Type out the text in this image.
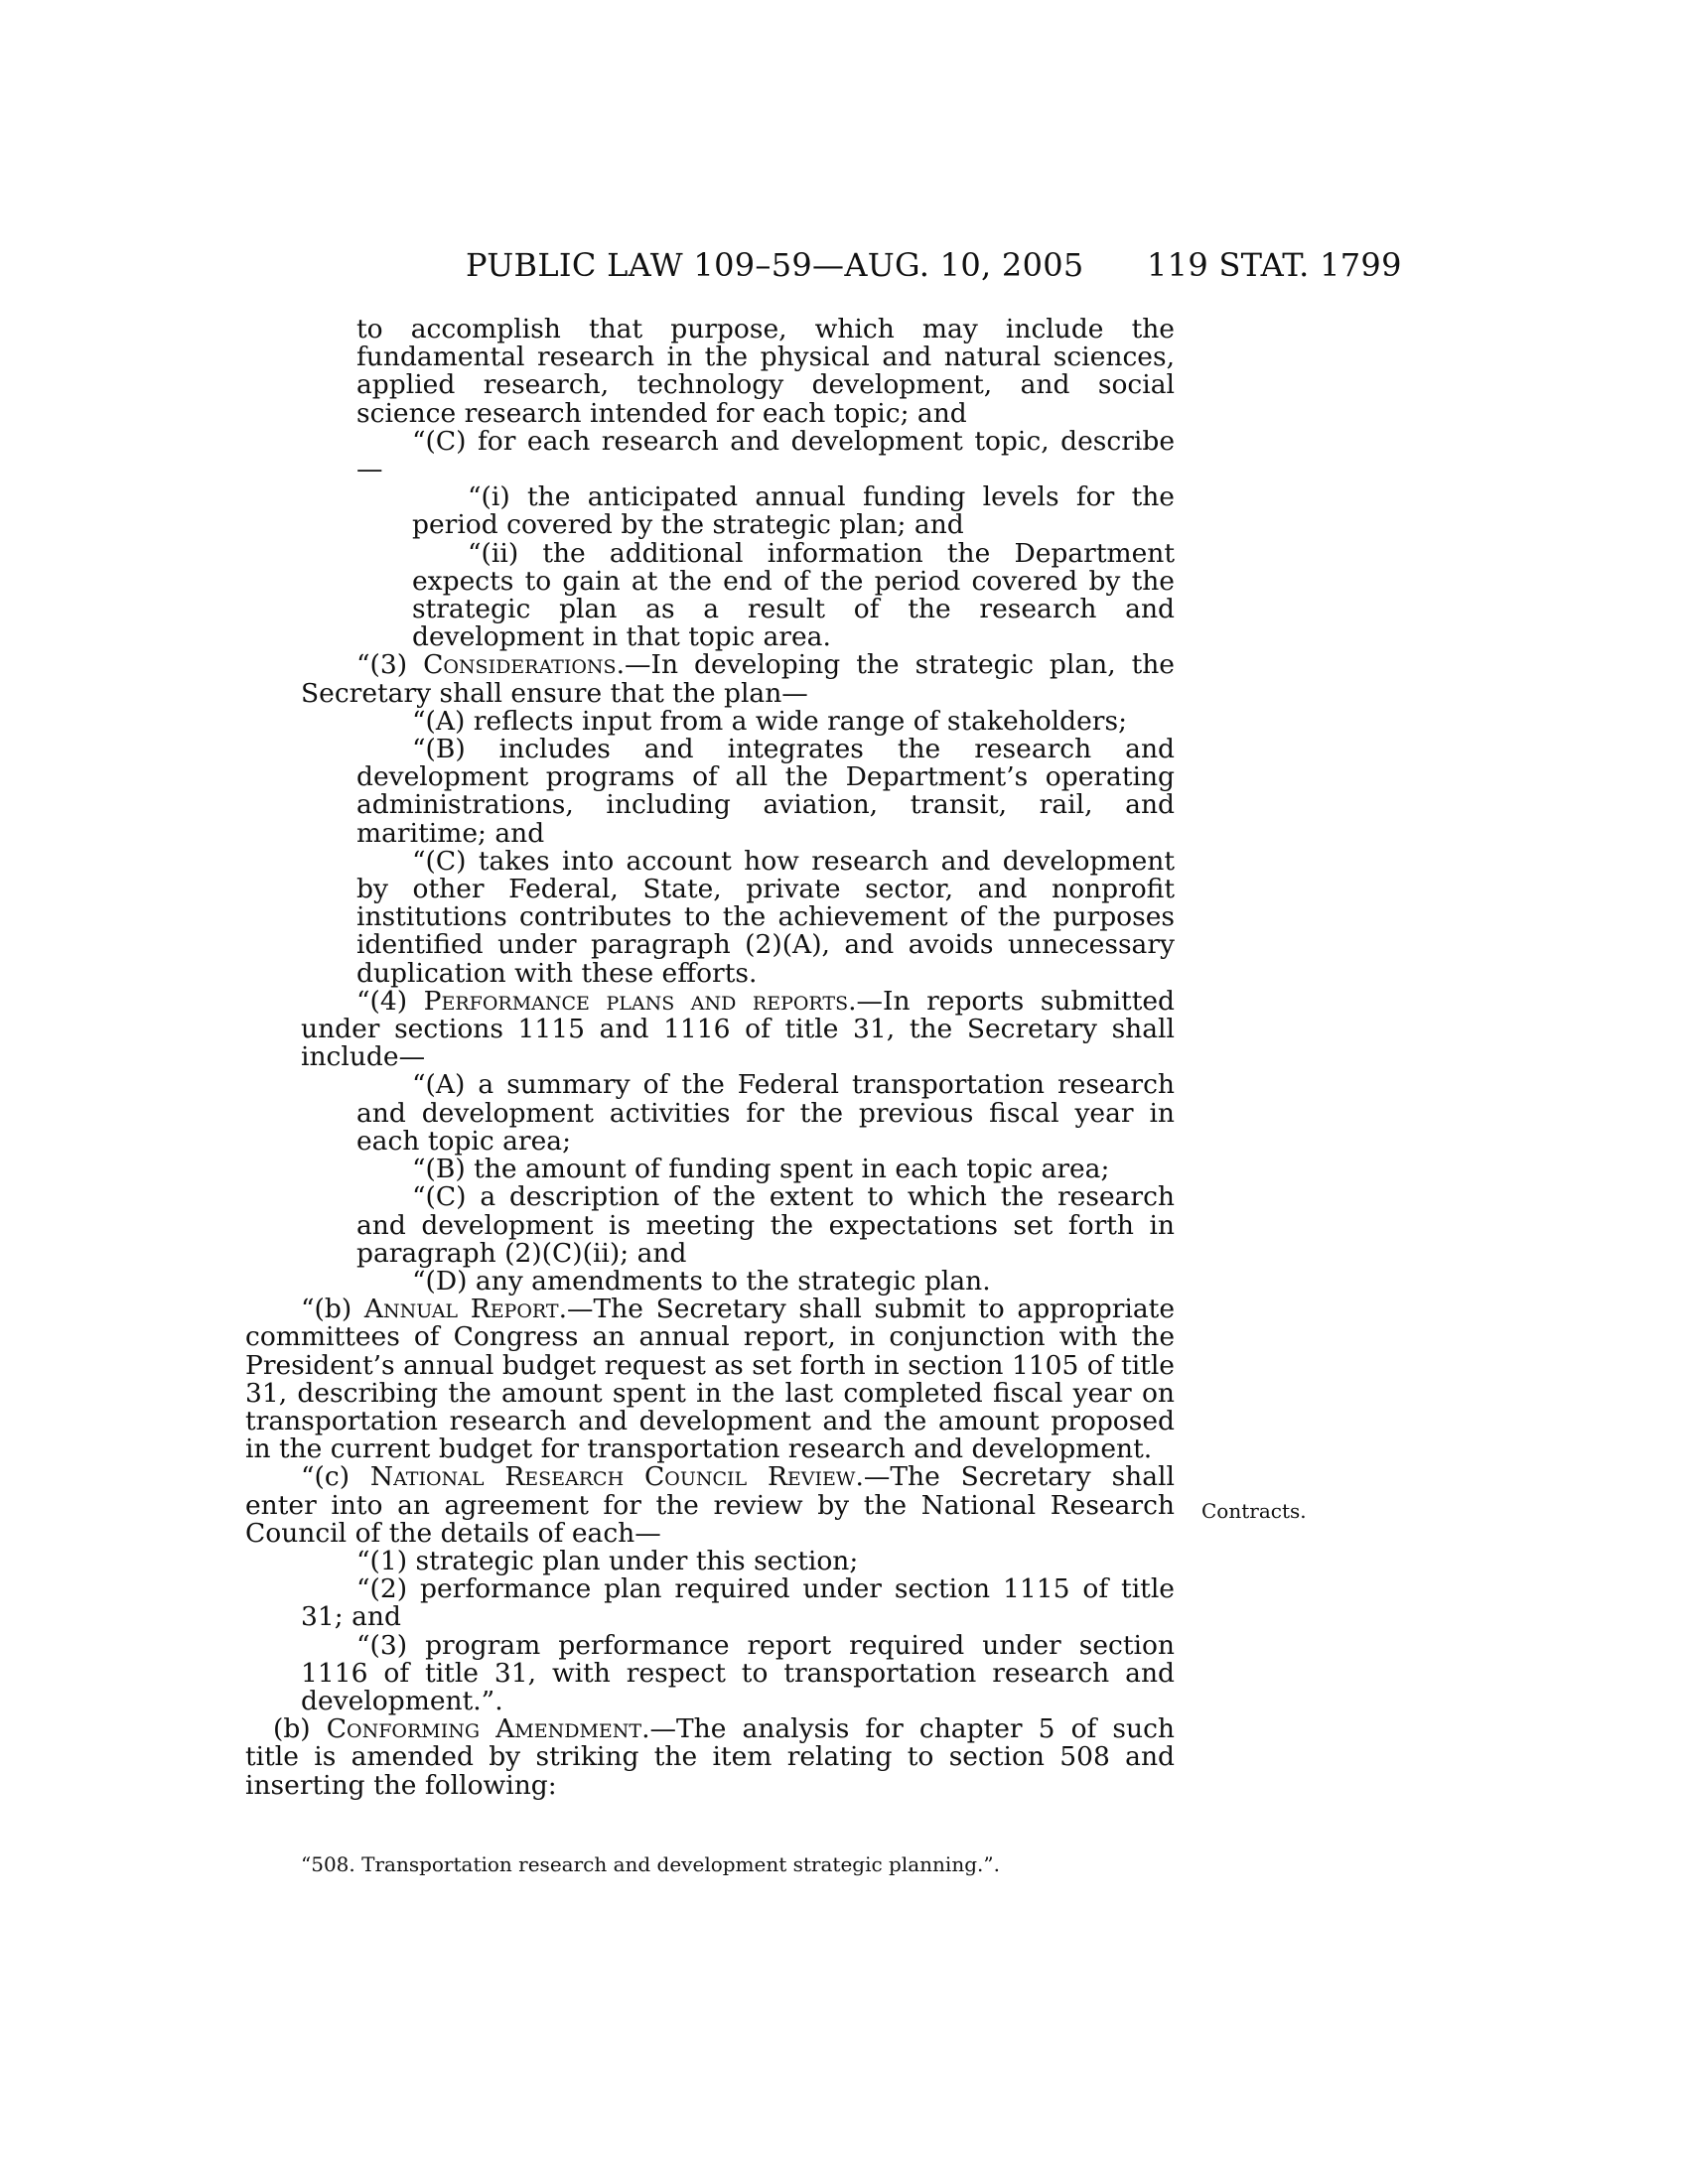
PUBLIC LAW 109–59—AUG. 10, 2005 119 STAT. 1799

to accomplish that purpose, which may include the fundamental research in the physical and natural sciences, applied research, technology development, and social science research intended for each topic; and

“(C) for each research and development topic, describe—

“(i) the anticipated annual funding levels for the period covered by the strategic plan; and

“(ii) the additional information the Department expects to gain at the end of the period covered by the strategic plan as a result of the research and development in that topic area.

“(3) Considerations.—In developing the strategic plan, the Secretary shall ensure that the plan—

“(A) reflects input from a wide range of stakeholders;

“(B) includes and integrates the research and development programs of all the Department’s operating administrations, including aviation, transit, rail, and maritime; and

“(C) takes into account how research and development by other Federal, State, private sector, and nonprofit institutions contributes to the achievement of the purposes identified under paragraph (2)(A), and avoids unnecessary duplication with these efforts.

“(4) Performance plans and reports.—In reports submitted under sections 1115 and 1116 of title 31, the Secretary shall include—

“(A) a summary of the Federal transportation research and development activities for the previous fiscal year in each topic area;

“(B) the amount of funding spent in each topic area;

“(C) a description of the extent to which the research and development is meeting the expectations set forth in paragraph (2)(C)(ii); and

“(D) any amendments to the strategic plan.

“(b) Annual Report.—The Secretary shall submit to appropriate committees of Congress an annual report, in conjunction with the President’s annual budget request as set forth in section 1105 of title 31, describing the amount spent in the last completed fiscal year on transportation research and development and the amount proposed in the current budget for transportation research and development.

“(c) National Research Council Review.—The Secretary shall enter into an agreement for the review by the National Research Council of the details of each—

“(1) strategic plan under this section;

“(2) performance plan required under section 1115 of title 31; and

“(3) program performance report required under section 1116 of title 31, with respect to transportation research and development.”.

(b) Conforming Amendment.—The analysis for chapter 5 of such title is amended by striking the item relating to section 508 and inserting the following:

Contracts.
“508. Transportation research and development strategic planning.”.
